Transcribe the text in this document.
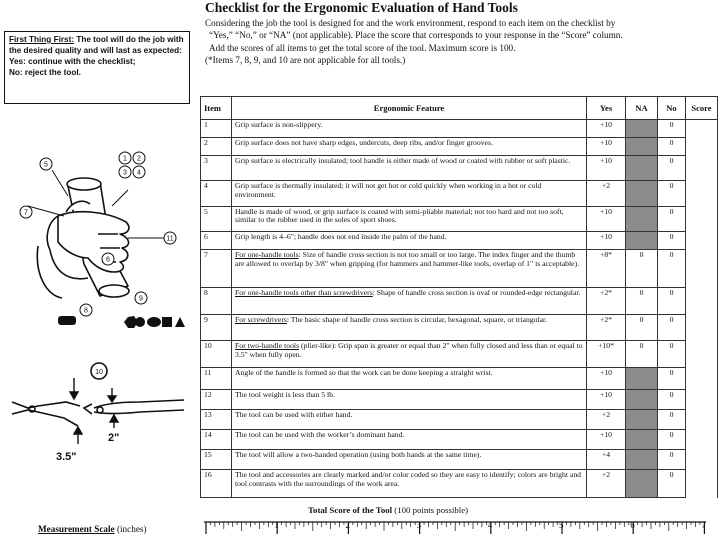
Checklist for the Ergonomic Evaluation of Hand Tools
First Thing First: The tool will do the job with the desired quality and will last as expected:
Yes: continue with the checklist;
No: reject the tool.

Considering the job the tool is designed for and the work environment, respond to each item on the checklist by

“Yes,” “No,” or “NA” (not applicable). Place the score that corresponds to your response in the “Score” column.

Add the scores of all items to get the total score of the tool. Maximum score is 100.

(*Items 7, 8, 9, and 10 are not applicable for all tools.)

Item	Ergonomic Feature	Yes	NA	No	Score
1	Grip surface is non-slippery.	+10		0	
2	Grip surface does not have sharp edges, undercuts, deep ribs, and/or finger grooves.	+10		0	
3	Grip surface is electrically insulated; tool handle is either made of wood or coated with rubber or soft plastic.	+10		0	
4	Grip surface is thermally insulated; it will not get hot or cold quickly when working in a hot or cold environment.	+2		0	
5	Handle is made of wood, or grip surface is coated with semi-pliable material; not too hard and not too soft, similar to the rubber used in the soles of sport shoes.	+10		0	
6	Grip length is 4–6"; handle does not end inside the palm of the hand.	+10		0	
7	For one-handle tools: Size of handle cross section is not too small or too large. The index finger and the thumb are allowed to overlap by 3/8" when gripping (for hammers and hammer-like tools, overlap of 1" is acceptable).	+8*	0	0	
8	For one-handle tools other than screwdrivers: Shape of handle cross section is oval or rounded-edge rectangular.	+2*	0	0	
9	For screwdrivers: The basic shape of handle cross section is circular, hexagonal, square, or triangular.	+2*	0	0	
10	For two-handle tools (plier-like): Grip span is greater or equal than 2" when fully closed and less than or equal to 3.5" when fully open.	+10*	0	0	
11	Angle of the handle is formed so that the work can be done keeping a straight wrist.	+10		0	
12	The tool weight is less than 5 lb.	+10		0	
13	The tool can be used with either hand.	+2		0	
14	The tool can be used with the worker’s dominant hand.	+10		0	
15	The tool will allow a two-handed operation (using both hands at the same time).	+4		0	
16	The tool and accessories are clearly marked and/or color coded so they are easy to identify; colors are bright and tool contrasts with the surroundings of the work area.	+2		0	
Total Score of the Tool (100 points possible)
Measurement Scale (inches)	1	2	3	4	5	6	7
1 2
3 4
5
6
7
8
9
11
10
2"
3.5"
